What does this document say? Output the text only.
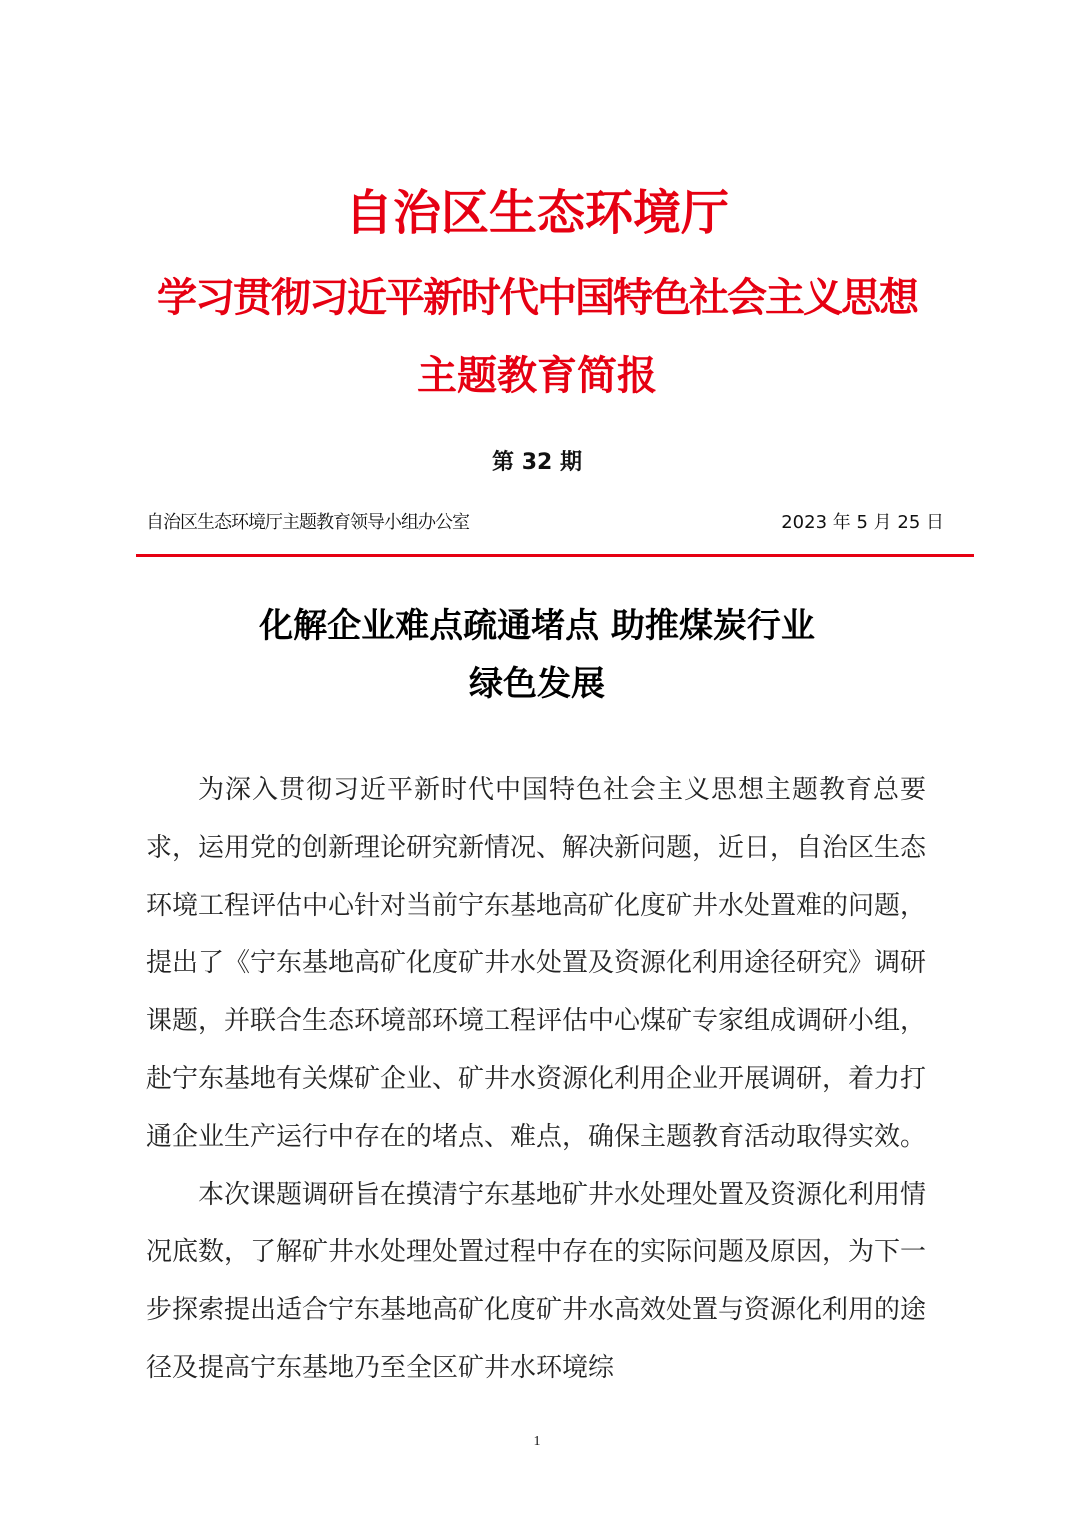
自治区生态环境厅
学习贯彻习近平新时代中国特色社会主义思想
主题教育简报
第 32 期
自治区生态环境厅主题教育领导小组办公室	2023 年 5 月 25 日
化解企业难点疏通堵点 助推煤炭行业
绿色发展

为深入贯彻习近平新时代中国特色社会主义思想主题教育总要求，运用党的创新理论研究新情况、解决新问题，近日，自治区生态环境工程评估中心针对当前宁东基地高矿化度矿井水处置难的问题，提出了《宁东基地高矿化度矿井水处置及资源化利用途径研究》调研课题，并联合生态环境部环境工程评估中心煤矿专家组成调研小组，赴宁东基地有关煤矿企业、矿井水资源化利用企业开展调研，着力打通企业生产运行中存在的堵点、难点，确保主题教育活动取得实效。

本次课题调研旨在摸清宁东基地矿井水处理处置及资源化利用情况底数，了解矿井水处理处置过程中存在的实际问题及原因，为下一步探索提出适合宁东基地高矿化度矿井水高效处置与资源化利用的途径及提高宁东基地乃至全区矿井水环境综

1
